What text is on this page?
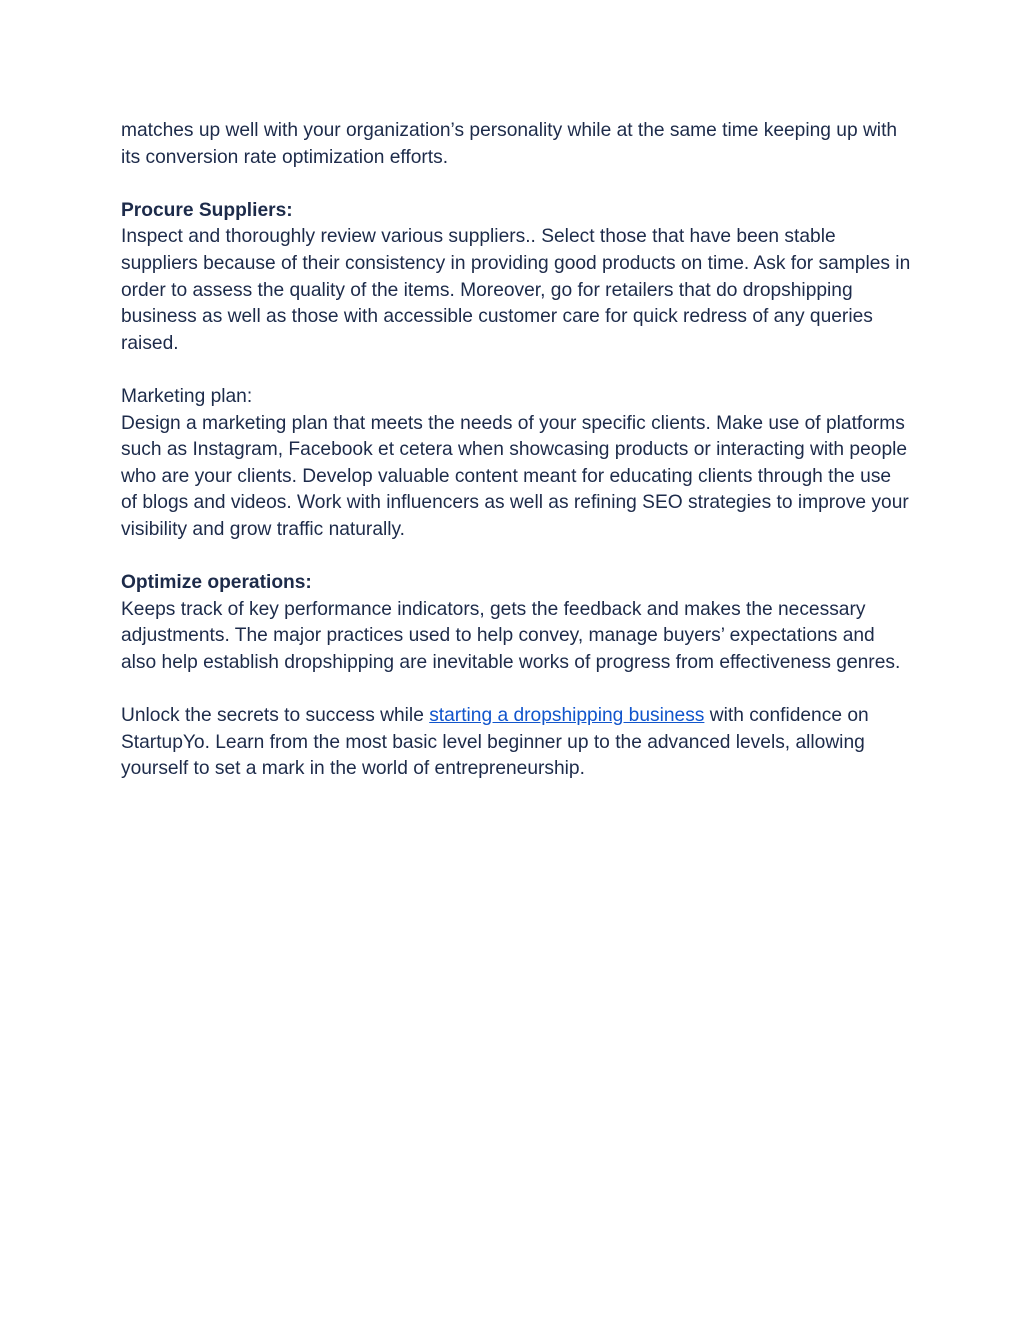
matches up well with your organization’s personality while at the same time keeping up with its conversion rate optimization efforts.

Procure Suppliers:
Inspect and thoroughly review various suppliers.. Select those that have been stable suppliers because of their consistency in providing good products on time. Ask for samples in order to assess the quality of the items. Moreover, go for retailers that do dropshipping business as well as those with accessible customer care for quick redress of any queries raised.
Marketing plan:
Design a marketing plan that meets the needs of your specific clients. Make use of platforms such as Instagram, Facebook et cetera when showcasing products or interacting with people who are your clients. Develop valuable content meant for educating clients through the use of blogs and videos. Work with influencers as well as refining SEO strategies to improve your visibility and grow traffic naturally.
Optimize operations:
Keeps track of key performance indicators, gets the feedback and makes the necessary adjustments. The major practices used to help convey, manage buyers’ expectations and also help establish dropshipping are inevitable works of progress from effectiveness genres.

Unlock the secrets to success while starting a dropshipping business with confidence on StartupYo. Learn from the most basic level beginner up to the advanced levels, allowing yourself to set a mark in the world of entrepreneurship.
